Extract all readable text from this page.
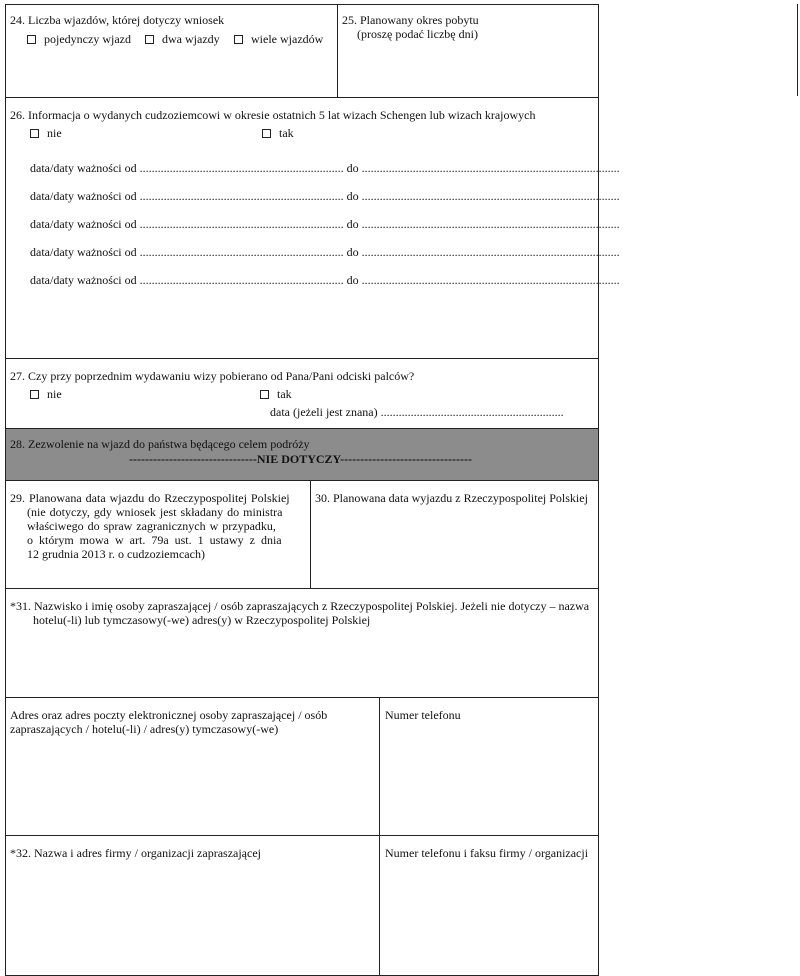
24. Liczba wjazdów, której dotyczy wniosek
pojedynczy wjazd	dwa wjazdy	wiele wjazdów
25. Planowany okres pobytu
(proszę podać liczbę dni)
26. Informacja o wydanych cudzoziemcowi w okresie ostatnich 5 lat wizach Schengen lub wizach krajowych
nie	tak
data/daty ważności od .................................................................... do ......................................................................................
data/daty ważności od .................................................................... do ......................................................................................
data/daty ważności od .................................................................... do ......................................................................................
data/daty ważności od .................................................................... do ......................................................................................
data/daty ważności od .................................................................... do ......................................................................................
27. Czy przy poprzednim wydawaniu wizy pobierano od Pana/Pani odciski palców?
nie	tak
data (jeżeli jest znana) .............................................................
28. Zezwolenie na wjazd do państwa będącego celem podróży
--------------------------------NIE DOTYCZY---------------------------------
29. Planowana data wjazdu do Rzeczypospolitej Polskiej
(nie dotyczy, gdy wniosek jest składany do ministra
właściwego do spraw zagranicznych w przypadku,
o którym mowa w art. 79a ust. 1 ustawy z dnia
12 grudnia 2013 r. o cudzoziemcach)
30. Planowana data wyjazdu z Rzeczypospolitej Polskiej
*31. Nazwisko i imię osoby zapraszającej / osób zapraszających z Rzeczypospolitej Polskiej. Jeżeli nie dotyczy – nazwa
hotelu(-li) lub tymczasowy(-we) adres(y) w Rzeczypospolitej Polskiej
Adres oraz adres poczty elektronicznej osoby zapraszającej / osób
zapraszających / hotelu(-li) / adres(y) tymczasowy(-we)
Numer telefonu
*32. Nazwa i adres firmy / organizacji zapraszającej	Numer telefonu i faksu firmy / organizacji
